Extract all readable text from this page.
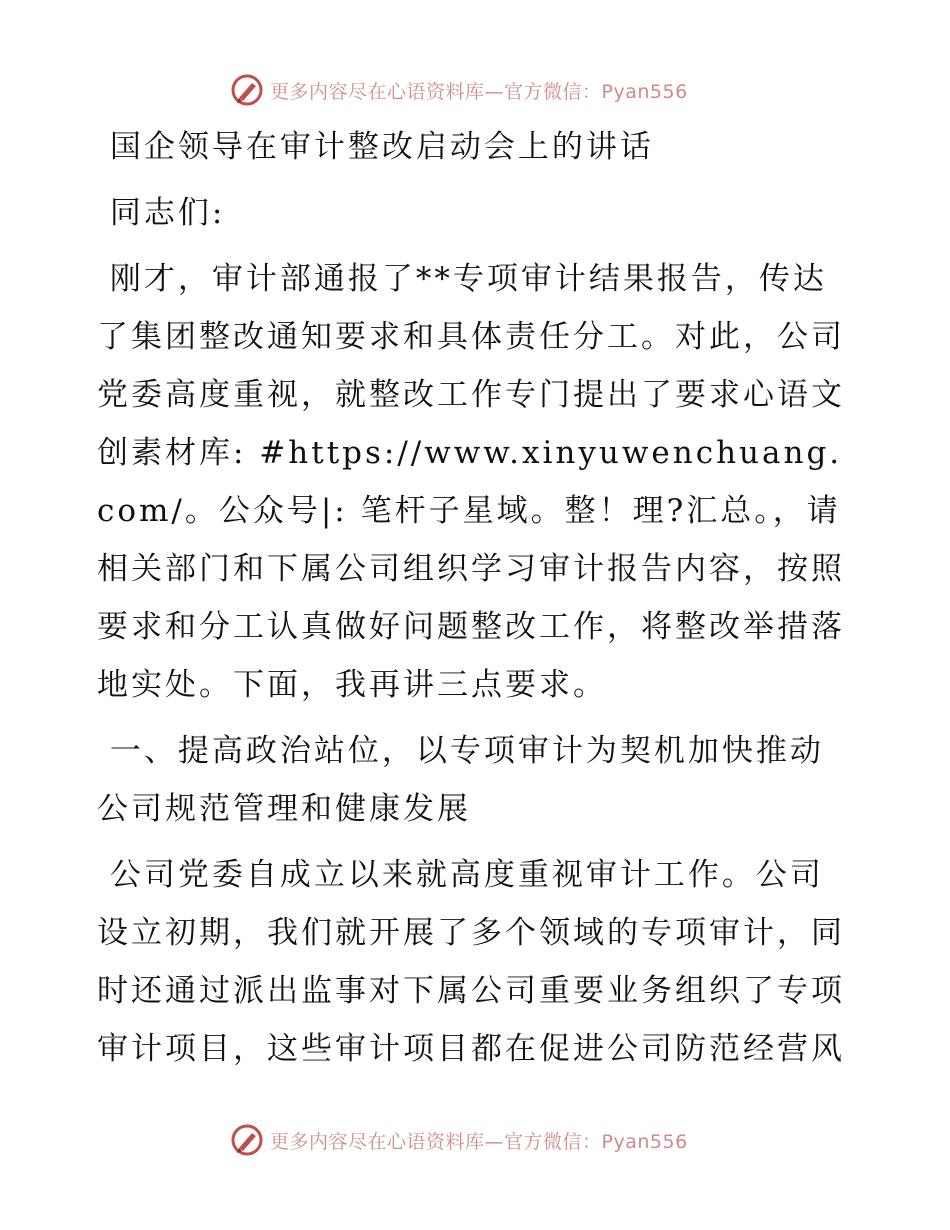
更多内容尽在心语资料库—官方微信：Pyan556

国企领导在审计整改启动会上的讲话

同志们:

刚才，审计部通报了**专项审计结果报告，传达了集团整改通知要求和具体责任分工。对此，公司党委高度重视，就整改工作专门提出了要求心语文创素材库: #https://www.xinyuwenchuang.com/。公众号|: 笔杆子星域。整！理?汇总。，请相关部门和下属公司组织学习审计报告内容，按照要求和分工认真做好问题整改工作，将整改举措落地实处。下面，我再讲三点要求。

一、提高政治站位，以专项审计为契机加快推动公司规范管理和健康发展

公司党委自成立以来就高度重视审计工作。公司设立初期，我们就开展了多个领域的专项审计，同时还通过派出监事对下属公司重要业务组织了专项审计项目，这些审计项目都在促进公司防范经营风

更多内容尽在心语资料库—官方微信：Pyan556
